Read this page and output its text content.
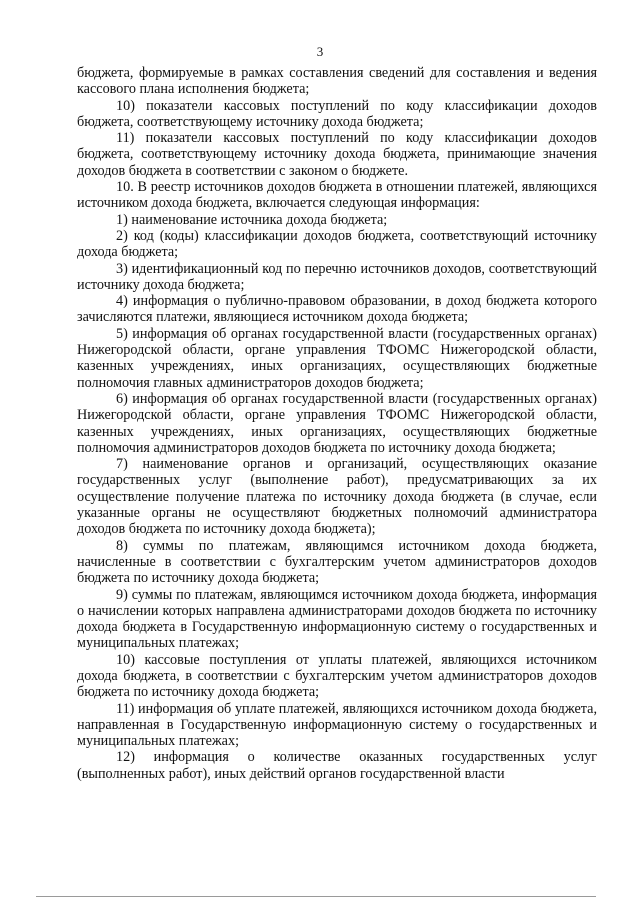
3

бюджета, формируемые в рамках составления сведений для составления и ведения кассового плана исполнения бюджета;

10) показатели кассовых поступлений по коду классификации доходов бюджета, соответствующему источнику дохода бюджета;

11) показатели кассовых поступлений по коду классификации доходов бюджета, соответствующему источнику дохода бюджета, принимающие значения доходов бюджета в соответствии с законом о бюджете.

10. В реестр источников доходов бюджета в отношении платежей, являющихся источником дохода бюджета, включается следующая информация:

1) наименование источника дохода бюджета;

2) код (коды) классификации доходов бюджета, соответствующий источнику дохода бюджета;

3) идентификационный код по перечню источников доходов, соответствующий источнику дохода бюджета;

4) информация о публично-правовом образовании, в доход бюджета которого зачисляются платежи, являющиеся источником дохода бюджета;

5) информация об органах государственной власти (государственных органах) Нижегородской области, органе управления ТФОМС Нижегородской области, казенных учреждениях, иных организациях, осуществляющих бюджетные полномочия главных администраторов доходов бюджета;

6) информация об органах государственной власти (государственных органах) Нижегородской области, органе управления ТФОМС Нижегородской области, казенных учреждениях, иных организациях, осуществляющих бюджетные полномочия администраторов доходов бюджета по источнику дохода бюджета;

7) наименование органов и организаций, осуществляющих оказание государственных услуг (выполнение работ), предусматривающих за их осуществление получение платежа по источнику дохода бюджета (в случае, если указанные органы не осуществляют бюджетных полномочий администратора доходов бюджета по источнику дохода бюджета);

8) суммы по платежам, являющимся источником дохода бюджета, начисленные в соответствии с бухгалтерским учетом администраторов доходов бюджета по источнику дохода бюджета;

9) суммы по платежам, являющимся источником дохода бюджета, информация о начислении которых направлена администраторами доходов бюджета по источнику дохода бюджета в Государственную информационную систему о государственных и муниципальных платежах;

10) кассовые поступления от уплаты платежей, являющихся источником дохода бюджета, в соответствии с бухгалтерским учетом администраторов доходов бюджета по источнику дохода бюджета;

11) информация об уплате платежей, являющихся источником дохода бюджета, направленная в Государственную информационную систему о государственных и муниципальных платежах;

12) информация о количестве оказанных государственных услуг (выполненных работ), иных действий органов государственной власти
